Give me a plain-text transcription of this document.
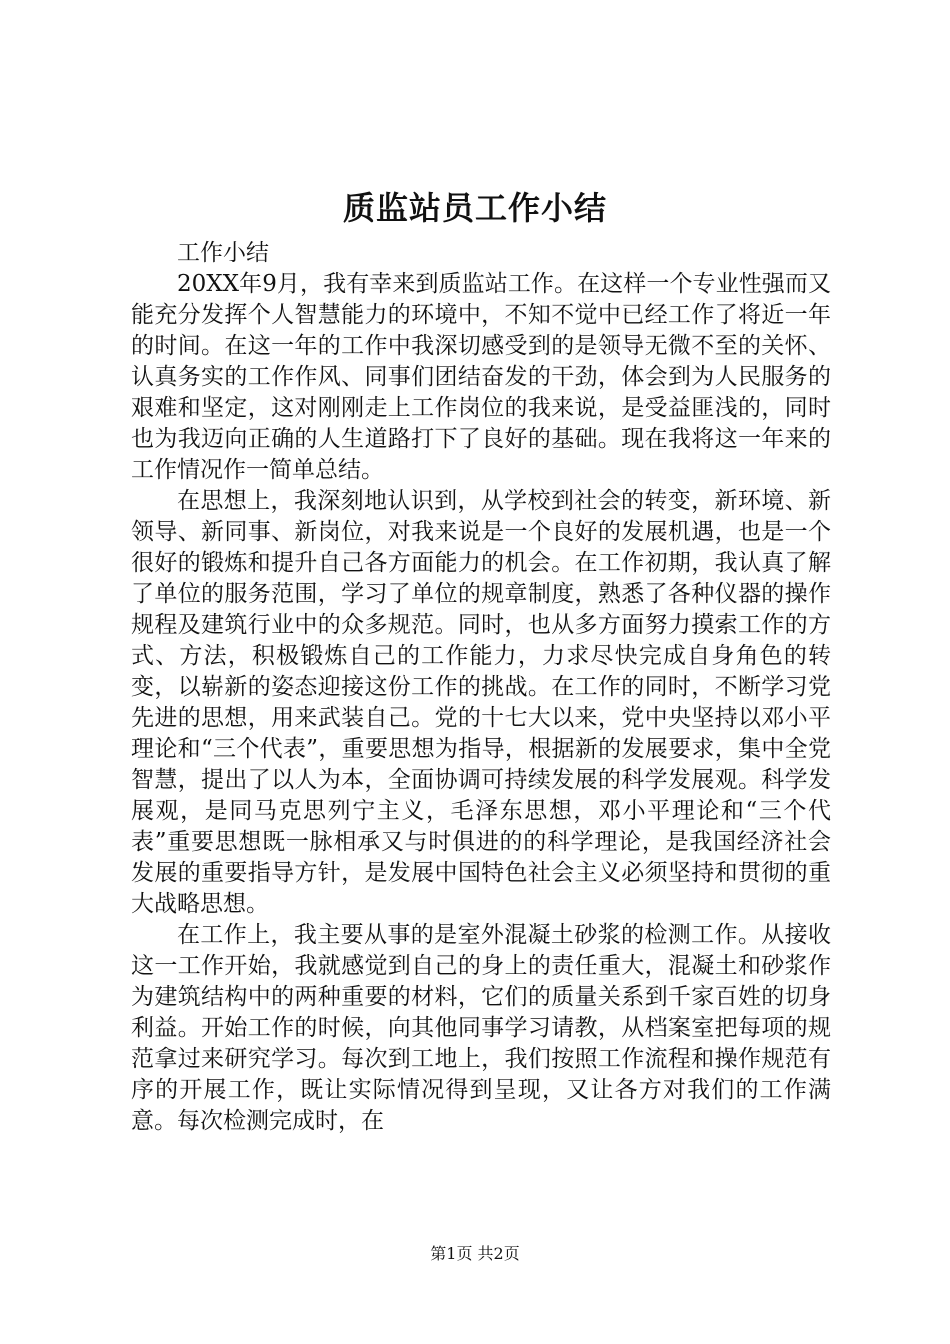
质监站员工作小结

工作小结

20XX年9月，我有幸来到质监站工作。在这样一个专业性强而又能充分发挥个人智慧能力的环境中，不知不觉中已经工作了将近一年的时间。在这一年的工作中我深切感受到的是领导无微不至的关怀、认真务实的工作作风、同事们团结奋发的干劲，体会到为人民服务的艰难和坚定，这对刚刚走上工作岗位的我来说，是受益匪浅的，同时也为我迈向正确的人生道路打下了良好的基础。现在我将这一年来的工作情况作一简单总结。

在思想上，我深刻地认识到，从学校到社会的转变，新环境、新领导、新同事、新岗位，对我来说是一个良好的发展机遇，也是一个很好的锻炼和提升自己各方面能力的机会。在工作初期，我认真了解了单位的服务范围，学习了单位的规章制度，熟悉了各种仪器的操作规程及建筑行业中的众多规范。同时，也从多方面努力摸索工作的方式、方法，积极锻炼自己的工作能力，力求尽快完成自身角色的转变，以崭新的姿态迎接这份工作的挑战。在工作的同时，不断学习党先进的思想，用来武装自己。党的十七大以来，党中央坚持以邓小平理论和“三个代表”，重要思想为指导，根据新的发展要求，集中全党智慧，提出了以人为本，全面协调可持续发展的科学发展观。科学发展观，是同马克思列宁主义，毛泽东思想，邓小平理论和“三个代表”重要思想既一脉相承又与时俱进的的科学理论，是我国经济社会发展的重要指导方针，是发展中国特色社会主义必须坚持和贯彻的重大战略思想。

在工作上，我主要从事的是室外混凝土砂浆的检测工作。从接收这一工作开始，我就感觉到自己的身上的责任重大，混凝土和砂浆作为建筑结构中的两种重要的材料，它们的质量关系到千家百姓的切身利益。开始工作的时候，向其他同事学习请教，从档案室把每项的规范拿过来研究学习。每次到工地上，我们按照工作流程和操作规范有序的开展工作，既让实际情况得到呈现，又让各方对我们的工作满意。每次检测完成时，在

第1页 共2页
